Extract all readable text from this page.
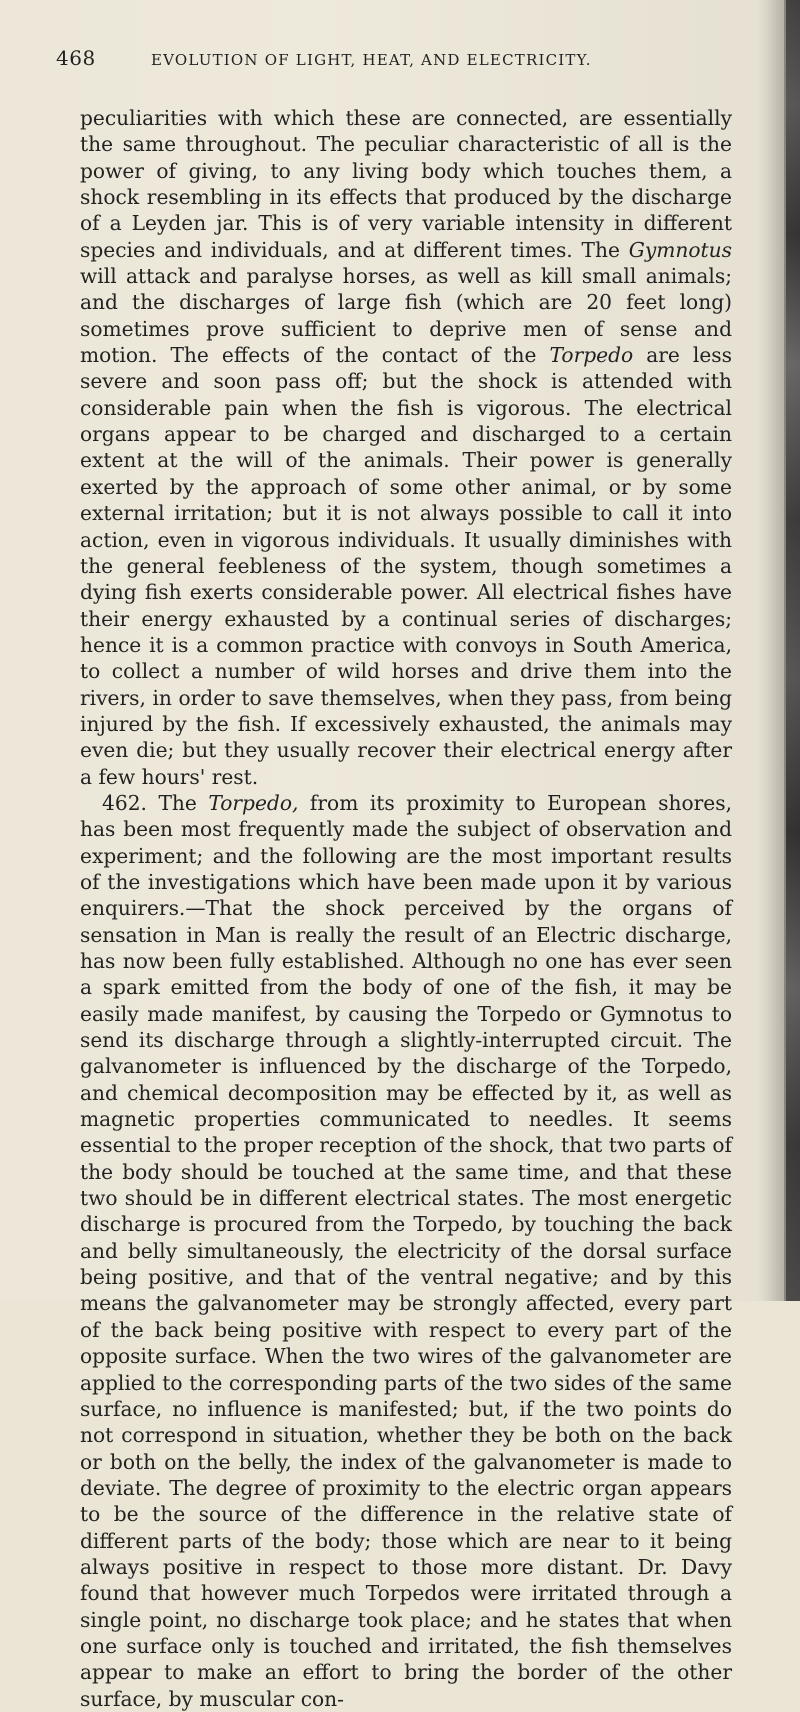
468	EVOLUTION OF LIGHT, HEAT, AND ELECTRICITY.

peculiarities with which these are connected, are essentially the same throughout. The peculiar characteristic of all is the power of giving, to any living body which touches them, a shock resembling in its effects that produced by the discharge of a Leyden jar. This is of very variable intensity in different species and individuals, and at different times. The Gymnotus will attack and paralyse horses, as well as kill small animals; and the discharges of large fish (which are 20 feet long) sometimes prove sufficient to deprive men of sense and motion. The effects of the contact of the Torpedo are less severe and soon pass off; but the shock is attended with considerable pain when the fish is vigorous. The electrical organs appear to be charged and discharged to a certain extent at the will of the animals. Their power is generally exerted by the approach of some other animal, or by some external irritation; but it is not always possible to call it into action, even in vigorous individuals. It usually diminishes with the general feebleness of the system, though sometimes a dying fish exerts considerable power. All electrical fishes have their energy exhausted by a continual series of discharges; hence it is a common practice with convoys in South America, to collect a number of wild horses and drive them into the rivers, in order to save themselves, when they pass, from being injured by the fish. If excessively exhausted, the animals may even die; but they usually recover their electrical energy after a few hours' rest.

462. The Torpedo, from its proximity to European shores, has been most frequently made the subject of observation and experiment; and the following are the most important results of the investigations which have been made upon it by various enquirers.—That the shock perceived by the organs of sensation in Man is really the result of an Electric discharge, has now been fully established. Although no one has ever seen a spark emitted from the body of one of the fish, it may be easily made manifest, by causing the Torpedo or Gymnotus to send its discharge through a slightly-interrupted circuit. The galvanometer is influenced by the discharge of the Torpedo, and chemical decomposition may be effected by it, as well as magnetic properties communicated to needles. It seems essential to the proper reception of the shock, that two parts of the body should be touched at the same time, and that these two should be in different electrical states. The most energetic discharge is procured from the Torpedo, by touching the back and belly simultaneously, the electricity of the dorsal surface being positive, and that of the ventral negative; and by this means the galvanometer may be strongly affected, every part of the back being positive with respect to every part of the opposite surface. When the two wires of the galvanometer are applied to the corresponding parts of the two sides of the same surface, no influence is manifested; but, if the two points do not correspond in situation, whether they be both on the back or both on the belly, the index of the galvanometer is made to deviate. The degree of proximity to the electric organ appears to be the source of the difference in the relative state of different parts of the body; those which are near to it being always positive in respect to those more distant. Dr. Davy found that however much Torpedos were irritated through a single point, no discharge took place; and he states that when one surface only is touched and irritated, the fish themselves appear to make an effort to bring the border of the other surface, by muscular con-
